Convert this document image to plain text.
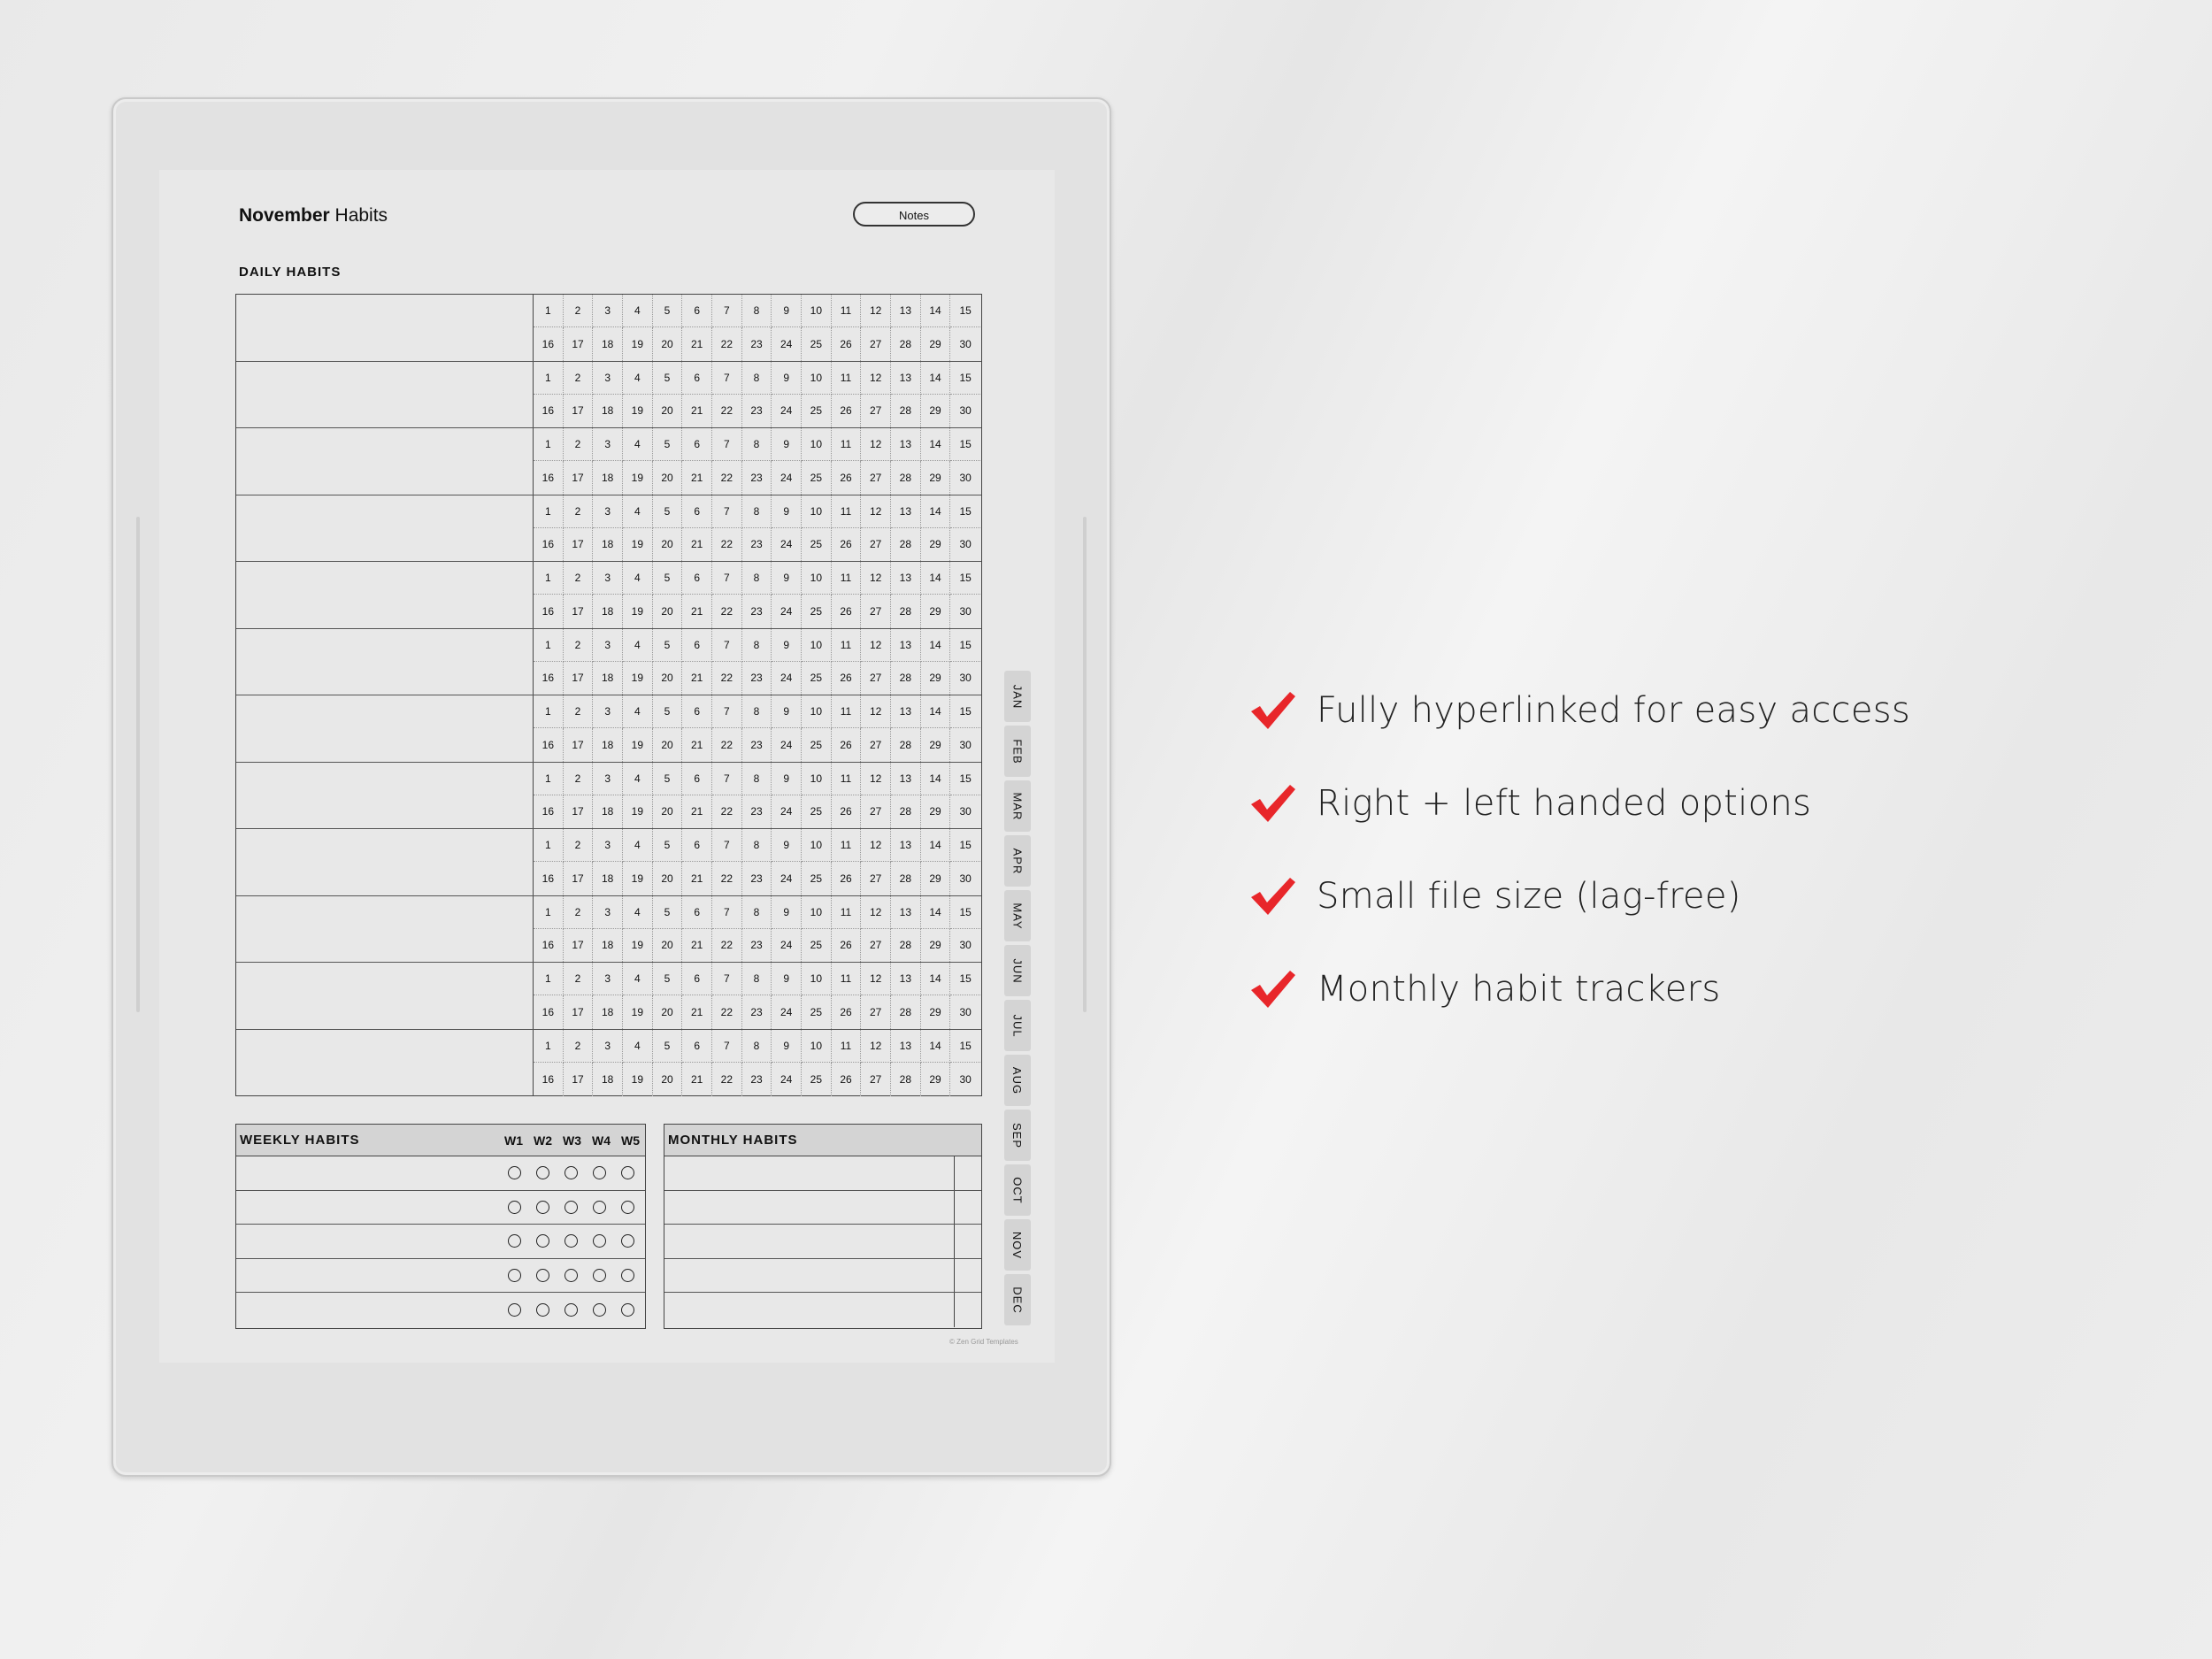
November Habits	Notes
DAILY HABITS
1	2	3	4	5	6	7	8	9	10	11	12	13	14	15
16	17	18	19	20	21	22	23	24	25	26	27	28	29	30
1	2	3	4	5	6	7	8	9	10	11	12	13	14	15
16	17	18	19	20	21	22	23	24	25	26	27	28	29	30
1	2	3	4	5	6	7	8	9	10	11	12	13	14	15
16	17	18	19	20	21	22	23	24	25	26	27	28	29	30
1	2	3	4	5	6	7	8	9	10	11	12	13	14	15
16	17	18	19	20	21	22	23	24	25	26	27	28	29	30
1	2	3	4	5	6	7	8	9	10	11	12	13	14	15
16	17	18	19	20	21	22	23	24	25	26	27	28	29	30
1	2	3	4	5	6	7	8	9	10	11	12	13	14	15
16	17	18	19	20	21	22	23	24	25	26	27	28	29	30
1	2	3	4	5	6	7	8	9	10	11	12	13	14	15
16	17	18	19	20	21	22	23	24	25	26	27	28	29	30
1	2	3	4	5	6	7	8	9	10	11	12	13	14	15
16	17	18	19	20	21	22	23	24	25	26	27	28	29	30
1	2	3	4	5	6	7	8	9	10	11	12	13	14	15
16	17	18	19	20	21	22	23	24	25	26	27	28	29	30
1	2	3	4	5	6	7	8	9	10	11	12	13	14	15
16	17	18	19	20	21	22	23	24	25	26	27	28	29	30
1	2	3	4	5	6	7	8	9	10	11	12	13	14	15
16	17	18	19	20	21	22	23	24	25	26	27	28	29	30
1	2	3	4	5	6	7	8	9	10	11	12	13	14	15
16	17	18	19	20	21	22	23	24	25	26	27	28	29	30
WEEKLY HABITS	W1 W2 W3 W4 W5	MONTHLY HABITS
JAN
FEB
MAR
APR
MAY
JUN
JUL
AUG
SEP
OCT
NOV
DEC
© Zen Grid Templates
Fully hyperlinked for easy access
Right + left handed options
Small file size (lag-free)
Monthly habit trackers
